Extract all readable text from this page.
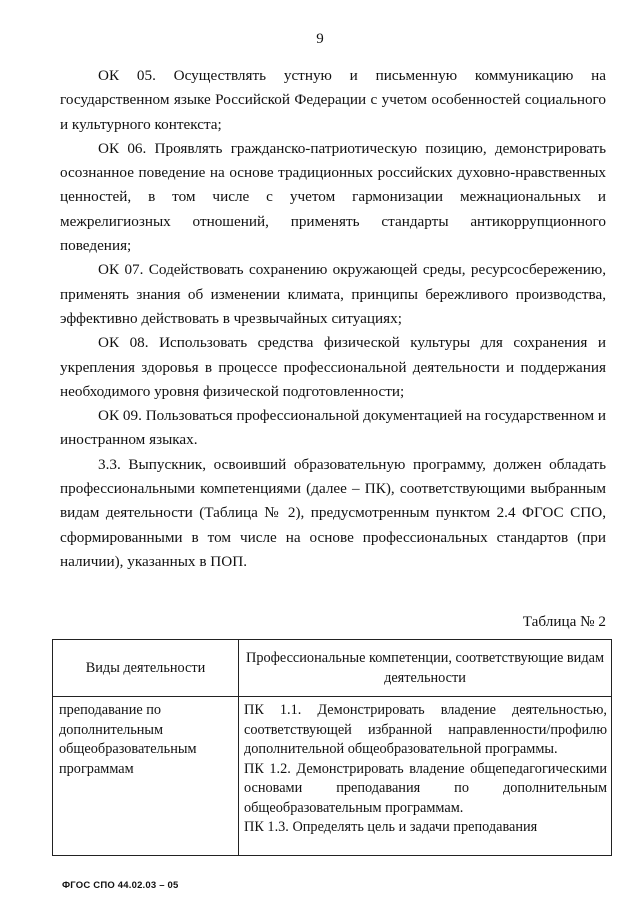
9

ОК 05. Осуществлять устную и письменную коммуникацию на государственном языке Российской Федерации с учетом особенностей социального и культурного контекста;

ОК 06. Проявлять гражданско-патриотическую позицию, демонстрировать осознанное поведение на основе традиционных российских духовно-нравственных ценностей, в том числе с учетом гармонизации межнациональных и межрелигиозных отношений, применять стандарты антикоррупционного поведения;

ОК 07. Содействовать сохранению окружающей среды, ресурсосбережению, применять знания об изменении климата, принципы бережливого производства, эффективно действовать в чрезвычайных ситуациях;

ОК 08. Использовать средства физической культуры для сохранения и укрепления здоровья в процессе профессиональной деятельности и поддержания необходимого уровня физической подготовленности;

ОК 09. Пользоваться профессиональной документацией на государственном и иностранном языках.

3.3. Выпускник, освоивший образовательную программу, должен обладать профессиональными компетенциями (далее – ПК), соответствующими выбранным видам деятельности (Таблица № 2), предусмотренным пунктом 2.4 ФГОС СПО, сформированными в том числе на основе профессиональных стандартов (при наличии), указанных в ПОП.

Таблица № 2
Виды деятельности	Профессиональные компетенции, соответствующие видам деятельности
преподавание по дополнительным общеобразовательным программам	ПК 1.1. Демонстрировать владение деятельностью, соответствующей избранной направленности/профилю дополнительной общеобразовательной программы.

ПК 1.2. Демонстрировать владение общепедагогическими основами преподавания по дополнительным общеобразовательным программам.

ПК 1.3. Определять цель и задачи преподавания

ФГОС СПО 44.02.03 – 05
